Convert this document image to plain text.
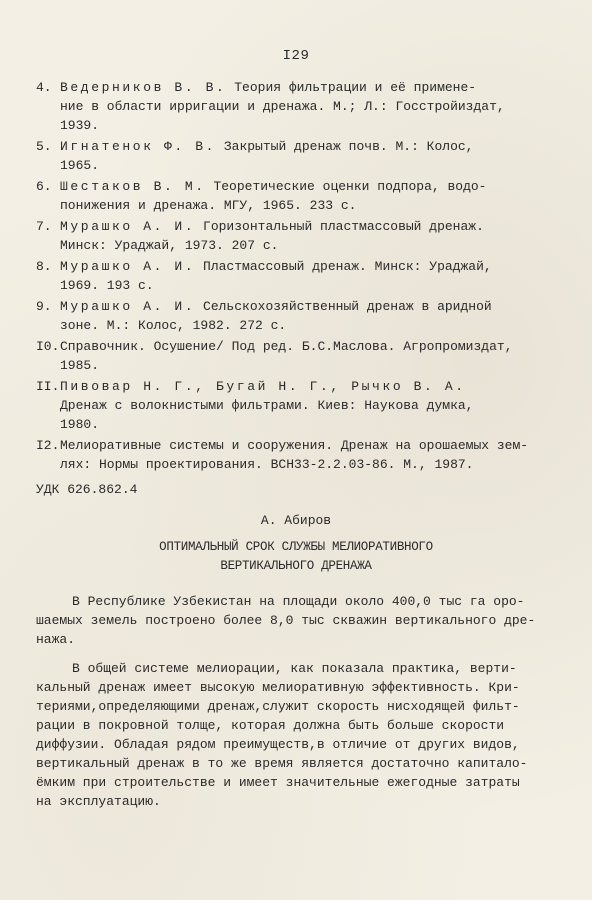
I29
4. Ведерников В. В. Теория фильтрации и её примене-
ние в области ирригации и дренажа. М.; Л.: Госстройиздат,
1939.
5. Игнатенок Ф. В. Закрытый дренаж почв. М.: Колос,
1965.
6. Шестаков В. М. Теоретические оценки подпора, водо-
понижения и дренажа. МГУ, 1965. 233 с.
7. Мурашко А. И. Горизонтальный пластмассовый дренаж.
Минск: Ураджай, 1973. 207 с.
8. Мурашко А. И. Пластмассовый дренаж. Минск: Ураджай,
1969. 193 с.
9. Мурашко А. И. Сельскохозяйственный дренаж в аридной
зоне. М.: Колос, 1982. 272 с.
I0. Справочник. Осушение/ Под ред. Б.С.Маслова. Агропромиздат,
1985.
II. Пивовар Н. Г., Бугай Н. Г., Рычко В. А.
Дренаж с волокнистыми фильтрами. Киев: Наукова думка,
1980.
I2. Мелиоративные системы и сооружения. Дренаж на орошаемых зем-
лях: Нормы проектирования. ВСН33-2.2.03-86. М., 1987.
УДК 626.862.4
А. Абиров
ОПТИМАЛЬНЫЙ СРОК СЛУЖБЫ МЕЛИОРАТИВНОГО
ВЕРТИКАЛЬНОГО ДРЕНАЖА
В Республике Узбекистан на площади около 400,0 тыс га оро-
шаемых земель построено более 8,0 тыс скважин вертикального дре-
нажа.
В общей системе мелиорации, как показала практика, верти-
кальный дренаж имеет высокую мелиоративную эффективность. Кри-
териями,определяющими дренаж,служит скорость нисходящей фильт-
рации в покровной толще, которая должна быть больше скорости
диффузии. Обладая рядом преимуществ,в отличие от других видов,
вертикальный дренаж в то же время является достаточно капитало-
ёмким при строительстве и имеет значительные ежегодные затраты
на эксплуатацию.
